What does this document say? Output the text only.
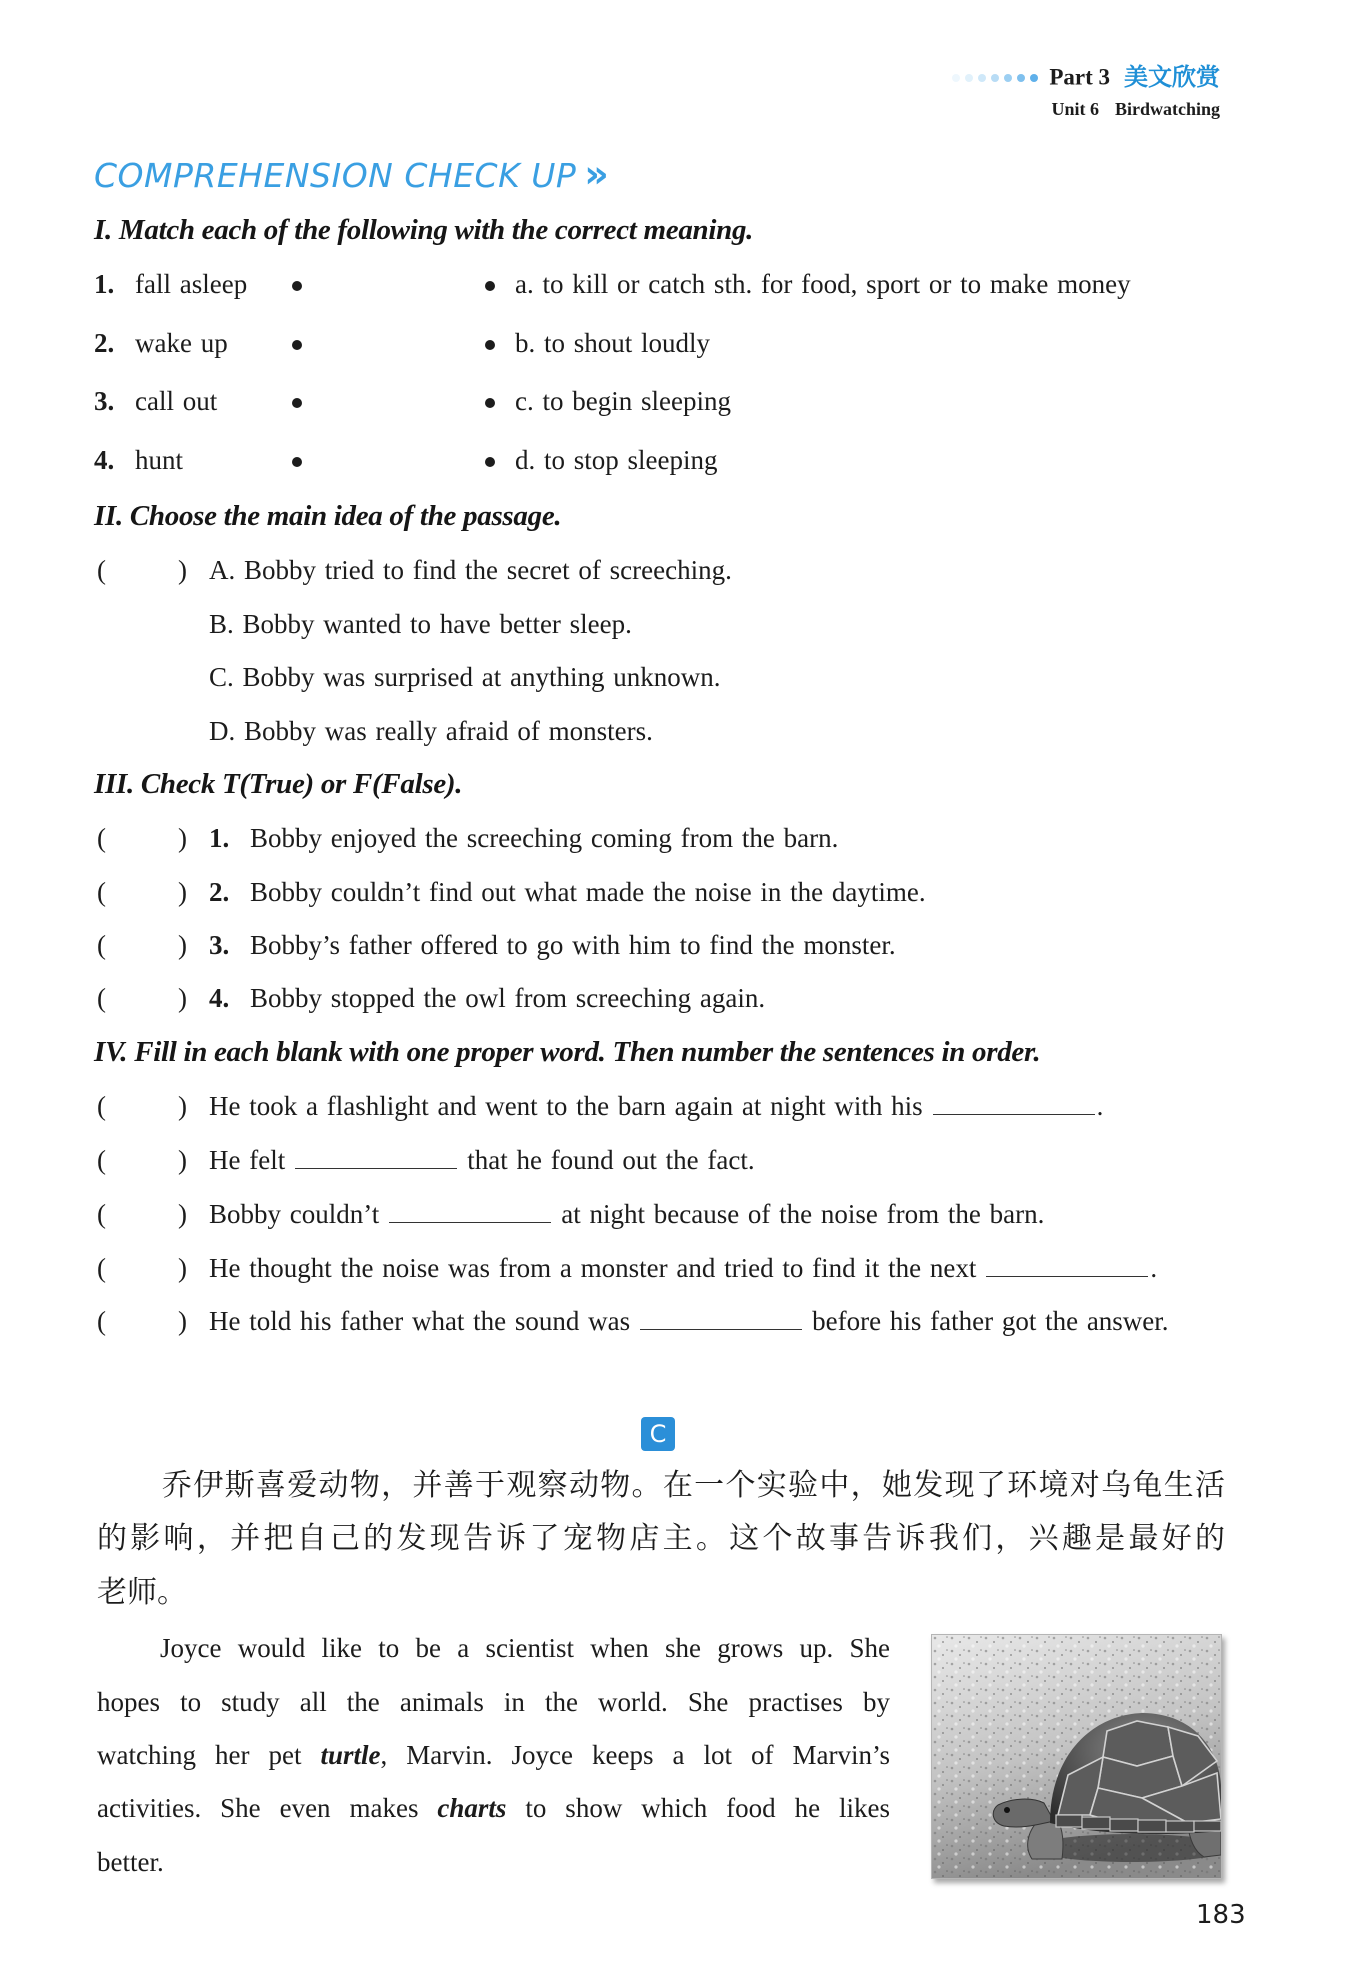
Part 3 美文欣赏
Unit 6 Birdwatching
COMPREHENSION CHECK UP »
I. Match each of the following with the correct meaning.
1. fall asleep	a. to kill or catch sth. for food, sport or to make money
2. wake up	b. to shout loudly
3. call out	c. to begin sleeping
4. hunt	d. to stop sleeping
II. Choose the main idea of the passage.
(	) A. Bobby tried to find the secret of screeching.
B. Bobby wanted to have better sleep.
C. Bobby was surprised at anything unknown.
D. Bobby was really afraid of monsters.
III. Check T(True) or F(False).
(	) 1. Bobby enjoyed the screeching coming from the barn.
(	) 2. Bobby couldn’t find out what made the noise in the daytime.
(	) 3. Bobby’s father offered to go with him to find the monster.
(	) 4. Bobby stopped the owl from screeching again.
IV. Fill in each blank with one proper word. Then number the sentences in order.
(	) He took a flashlight and went to the barn again at night with his	.
(	) He felt	that he found out the fact.
(	) Bobby couldn’t	at night because of the noise from the barn.
(	) He thought the noise was from a monster and tried to find it the next	.
(	) He told his father what the sound was	before his father got the answer.
C
乔伊斯喜爱动物，并善于观察动物。在一个实验中，她发现了环境对乌龟生活
的影响，并把自己的发现告诉了宠物店主。这个故事告诉我们，兴趣是最好的
老师。
Joyce would like to be a scientist when she grows up. She
hopes to study all the animals in the world. She practises by
watching her pet turtle, Marvin. Joyce keeps a lot of Marvin’s
activities. She even makes charts to show which food he likes
better.
183
